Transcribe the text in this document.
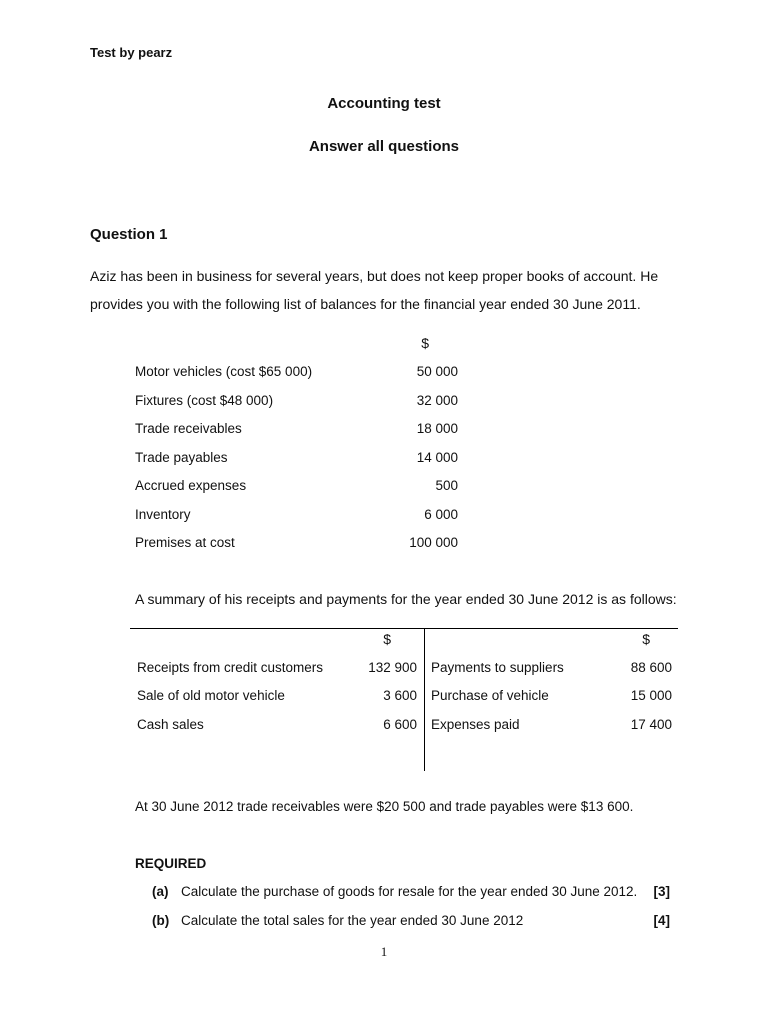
Test by pearz
Accounting test
Answer all questions
Question 1
Aziz has been in business for several years, but does not keep proper books of account. He
provides you with the following list of balances for the financial year ended 30 June 2011.
$
Motor vehicles (cost $65 000)	50 000
Fixtures (cost $48 000)	32 000
Trade receivables	18 000
Trade payables	14 000
Accrued expenses	500
Inventory	6 000
Premises at cost	100 000
A summary of his receipts and payments for the year ended 30 June 2012 is as follows:
$	$
Receipts from credit customers	132 900 Payments to suppliers	88 600
Sale of old motor vehicle	3 600 Purchase of vehicle	15 000
Cash sales	6 600 Expenses paid	17 400
At 30 June 2012 trade receivables were $20 500 and trade payables were $13 600.
REQUIRED
(a) Calculate the purchase of goods for resale for the year ended 30 June 2012. [3]
(b) Calculate the total sales for the year ended 30 June 2012	[4]
1
